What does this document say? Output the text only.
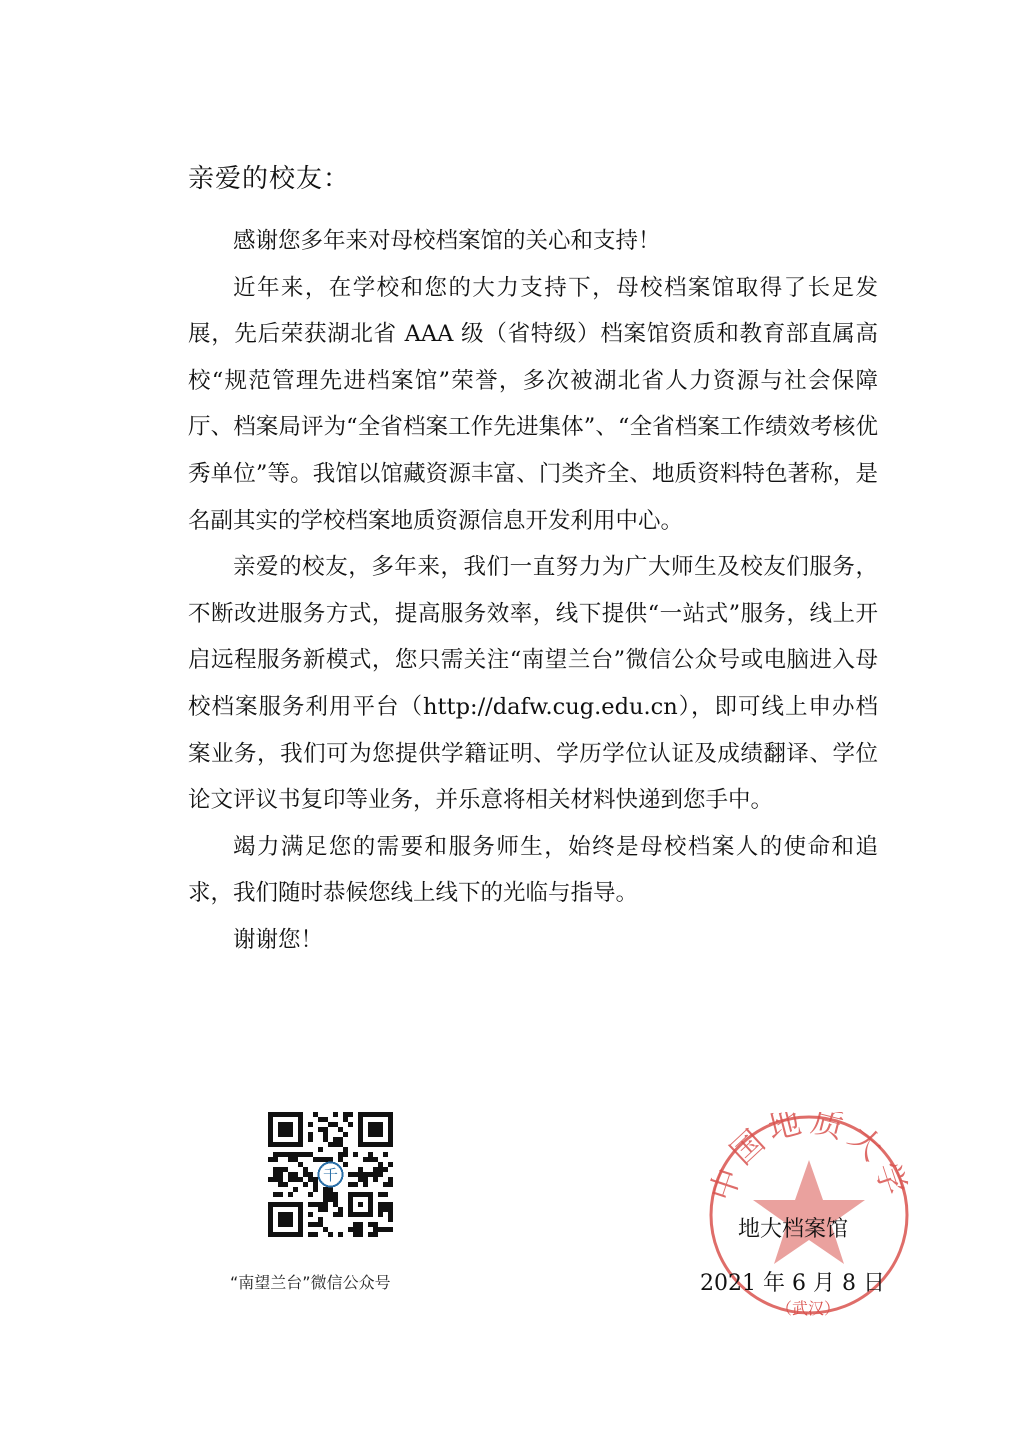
亲爱的校友：

感谢您多年来对母校档案馆的关心和支持！

近年来，在学校和您的大力支持下，母校档案馆取得了长足发展，先后荣获湖北省 AAA 级（省特级）档案馆资质和教育部直属高校“规范管理先进档案馆”荣誉，多次被湖北省人力资源与社会保障厅、档案局评为“全省档案工作先进集体”、“全省档案工作绩效考核优秀单位”等。我馆以馆藏资源丰富、门类齐全、地质资料特色著称，是名副其实的学校档案地质资源信息开发利用中心。

亲爱的校友，多年来，我们一直努力为广大师生及校友们服务，不断改进服务方式，提高服务效率，线下提供“一站式”服务，线上开启远程服务新模式，您只需关注“南望兰台”微信公众号或电脑进入母校档案服务利用平台（http://dafw.cug.edu.cn），即可线上申办档案业务，我们可为您提供学籍证明、学历学位认证及成绩翻译、学位论文评议书复印等业务，并乐意将相关材料快递到您手中。

竭力满足您的需要和服务师生，始终是母校档案人的使命和追求，我们随时恭候您线上线下的光临与指导。

谢谢您！

千
“南望兰台”微信公众号
中国地质大学
地大档案馆
2021 年 6 月 8 日
（武汉）
